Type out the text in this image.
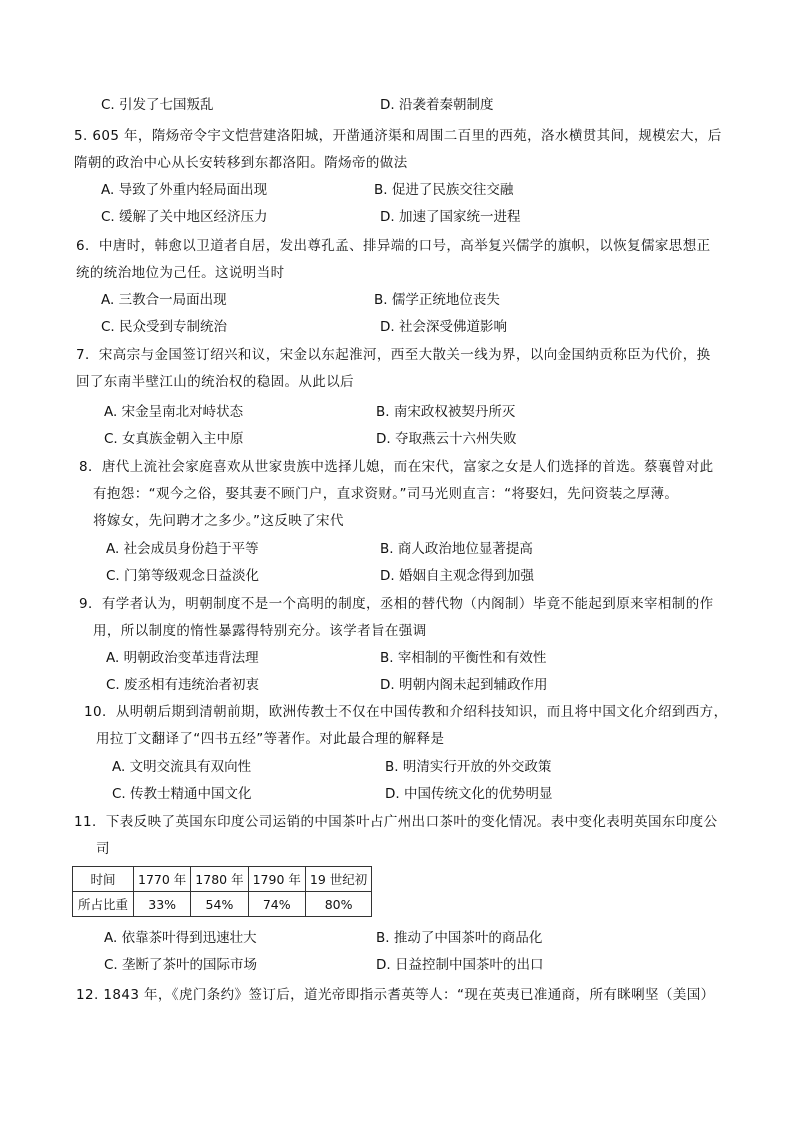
C. 引发了七国叛乱	D. 沿袭着秦朝制度
5. 605 年，隋炀帝令宇文恺营建洛阳城，开凿通济渠和周围二百里的西苑，洛水横贯其间，规模宏大，后
隋朝的政治中心从长安转移到东都洛阳。隋炀帝的做法
A. 导致了外重内轻局面出现	B. 促进了民族交往交融
C. 缓解了关中地区经济压力	D. 加速了国家统一进程
6．中唐时，韩愈以卫道者自居，发出尊孔孟、排异端的口号，高举复兴儒学的旗帜，以恢复儒家思想正
统的统治地位为己任。这说明当时
A. 三教合一局面出现	B. 儒学正统地位丧失
C. 民众受到专制统治	D. 社会深受佛道影响
7．宋高宗与金国签订绍兴和议，宋金以东起淮河，西至大散关一线为界，以向金国纳贡称臣为代价，换
回了东南半壁江山的统治权的稳固。从此以后
A. 宋金呈南北对峙状态	B. 南宋政权被契丹所灭
C. 女真族金朝入主中原	D. 夺取燕云十六州失败
8．唐代上流社会家庭喜欢从世家贵族中选择儿媳，而在宋代，富家之女是人们选择的首选。蔡襄曾对此
有抱怨：“观今之俗，娶其妻不顾门户，直求资财。”司马光则直言：“将娶妇，先问资装之厚薄。
将嫁女，先问聘才之多少。”这反映了宋代
A. 社会成员身份趋于平等	B. 商人政治地位显著提高
C. 门第等级观念日益淡化	D. 婚姻自主观念得到加强
9．有学者认为，明朝制度不是一个高明的制度，丞相的替代物（内阁制）毕竟不能起到原来宰相制的作
用，所以制度的惰性暴露得特别充分。该学者旨在强调
A. 明朝政治变革违背法理	B. 宰相制的平衡性和有效性
C. 废丞相有违统治者初衷	D. 明朝内阁未起到辅政作用
10．从明朝后期到清朝前期，欧洲传教士不仅在中国传教和介绍科技知识，而且将中国文化介绍到西方，
用拉丁文翻译了“四书五经”等著作。对此最合理的解释是
A. 文明交流具有双向性	B. 明清实行开放的外交政策
C. 传教士精通中国文化	D. 中国传统文化的优势明显
11．下表反映了英国东印度公司运销的中国茶叶占广州出口茶叶的变化情况。表中变化表明英国东印度公
司
时间	1770 年	1780 年	1790 年	19 世纪初
所占比重	33%	54%	74%	80%
A. 依靠茶叶得到迅速壮大	B. 推动了中国茶叶的商品化
C. 垄断了茶叶的国际市场	D. 日益控制中国茶叶的出口
12. 1843 年，《虎门条约》签订后，道光帝即指示耆英等人：“现在英夷已准通商，所有眯唎坚（美国）
